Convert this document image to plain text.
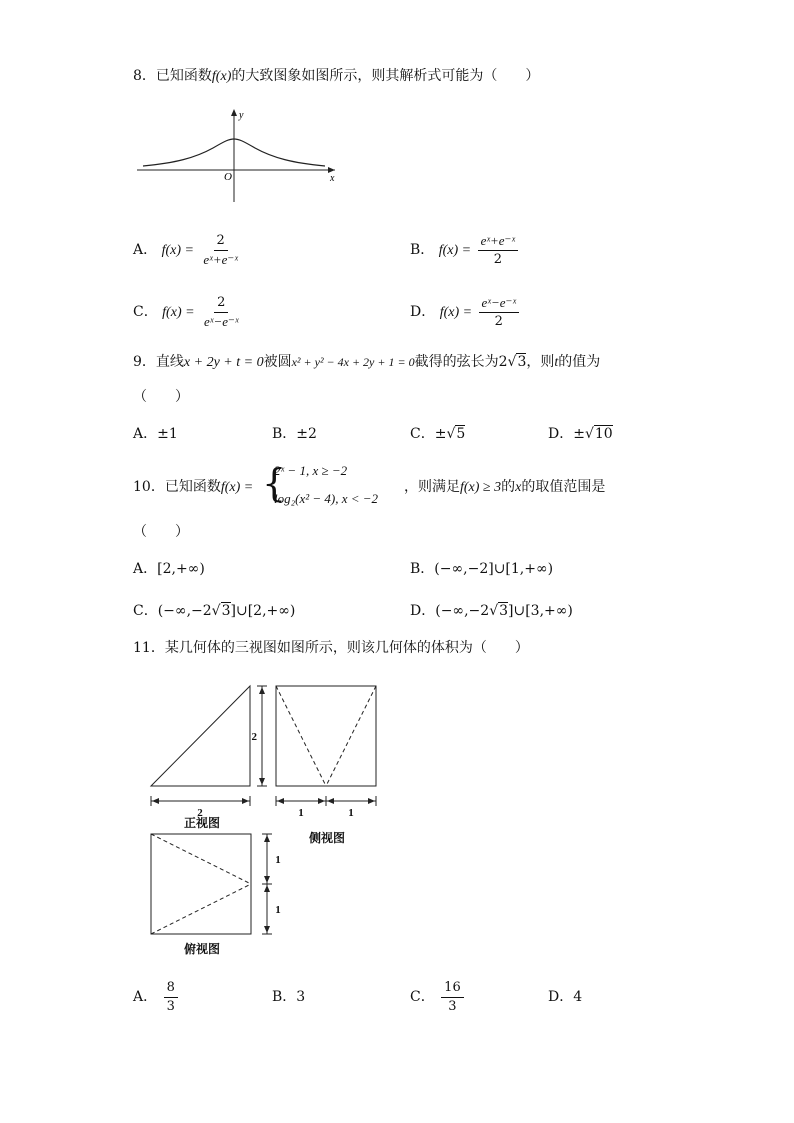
8．已知函数f(x)的大致图象如图所示，则其解析式可能为（　　）
y
x
O
A． $f(x) = \frac{2}{\text{eˣ+e⁻ˣ}}$	B． $f(x) = \frac{\text{eˣ+e⁻ˣ}}{2}$
C． $f(x) = \frac{2}{\text{eˣ−e⁻ˣ}}$	D． $f(x) = \frac{\text{eˣ−e⁻ˣ}}{2}$
9．直线x + 2y + t = 0被圆x² + y² − 4x + 2y + 1 = 0截得的弦长为2√3，则t的值为
（　　）
A．±1	B．±2	C．±√5	D．±√10
10．已知函数f(x) = {
2ˣ − 1, x ≥ −2
log₂(x² − 4), x < −2
，则满足f(x) ≥ 3的x的取值范围是
（　　）
A．[2,+∞)	B．(−∞,−2]∪[1,+∞)
C．(−∞,−2√3]∪[2,+∞)	D．(−∞,−2√3]∪[3,+∞)
11．某几何体的三视图如图所示，则该几何体的体积为（　　）
2
2	1	1
1
1
正视图
侧视图
俯视图
A． $\frac{8}{3}$	B．3	C． $\frac{16}{3}$	D．4
